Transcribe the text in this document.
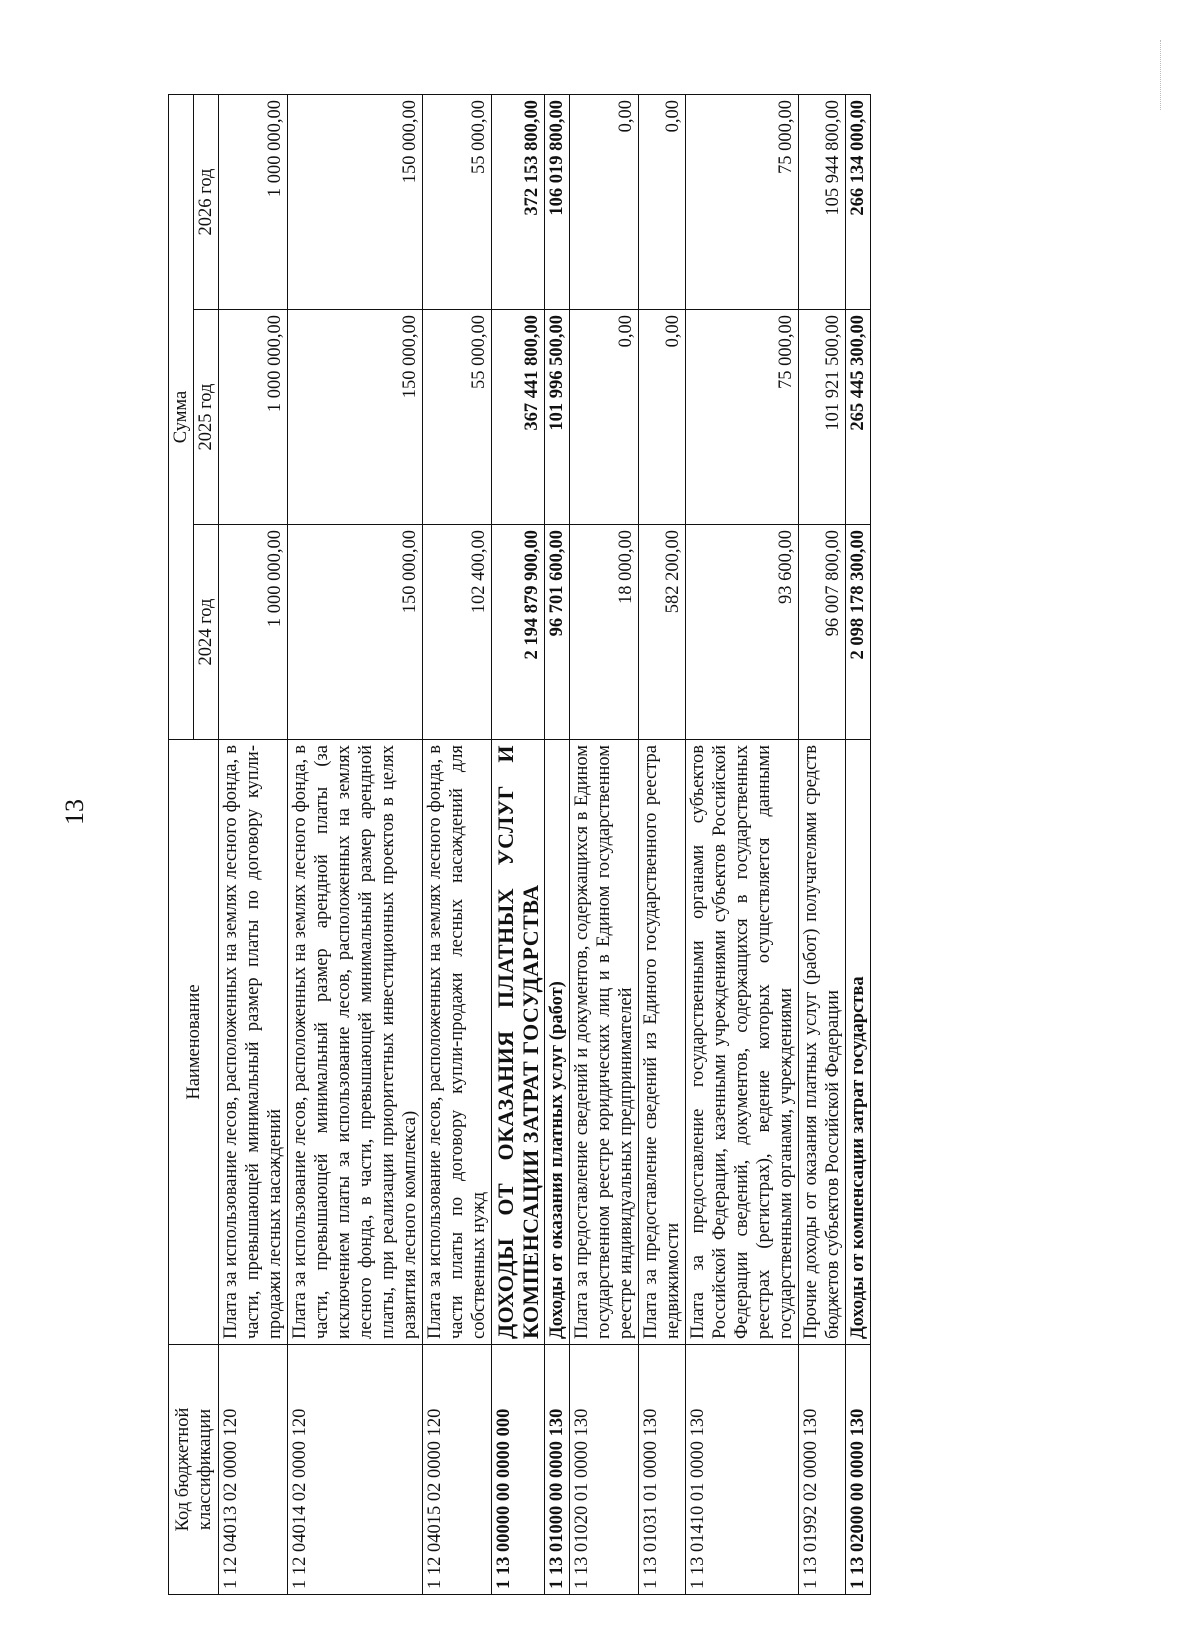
13
Код бюджетной классификации	Наименование	Сумма		
		2024 год	2025 год	2026 год
1 12 04013 02 0000 120	Плата за использование лесов, расположенных на землях лесного фонда, в части, превышающей минимальный размер платы по договору купли-продажи лесных насаждений	1 000 000,00	1 000 000,00	1 000 000,00
1 12 04014 02 0000 120	Плата за использование лесов, расположенных на землях лесного фонда, в части, превышающей минимальный размер арендной платы (за исключением платы за использование лесов, расположенных на землях лесного фонда, в части, превышающей минимальный размер арендной платы, при реализации приоритетных инвестиционных проектов в целях развития лесного комплекса)	150 000,00	150 000,00	150 000,00
1 12 04015 02 0000 120	Плата за использование лесов, расположенных на землях лесного фонда, в части платы по договору купли-продажи лесных насаждений для собственных нужд	102 400,00	55 000,00	55 000,00
1 13 00000 00 0000 000	ДОХОДЫ ОТ ОКАЗАНИЯ ПЛАТНЫХ УСЛУГ И КОМПЕНСАЦИИ ЗАТРАТ ГОСУДАРСТВА	2 194 879 900,00	367 441 800,00	372 153 800,00
1 13 01000 00 0000 130	Доходы от оказания платных услуг (работ)	96 701 600,00	101 996 500,00	106 019 800,00
1 13 01020 01 0000 130	Плата за предоставление сведений и документов, содержащихся в Едином государственном реестре юридических лиц и в Едином государственном реестре индивидуальных предпринимателей	18 000,00	0,00	0,00
1 13 01031 01 0000 130	Плата за предоставление сведений из Единого государственного реестра недвижимости	582 200,00	0,00	0,00
1 13 01410 01 0000 130	Плата за предоставление государственными органами субъектов Российской Федерации, казенными учреждениями субъектов Российской Федерации сведений, документов, содержащихся в государственных реестрах (регистрах), ведение которых осуществляется данными государственными органами, учреждениями	93 600,00	75 000,00	75 000,00
1 13 01992 02 0000 130	Прочие доходы от оказания платных услуг (работ) получателями средств бюджетов субъектов Российской Федерации	96 007 800,00	101 921 500,00	105 944 800,00
1 13 02000 00 0000 130	Доходы от компенсации затрат государства	2 098 178 300,00	265 445 300,00	266 134 000,00
